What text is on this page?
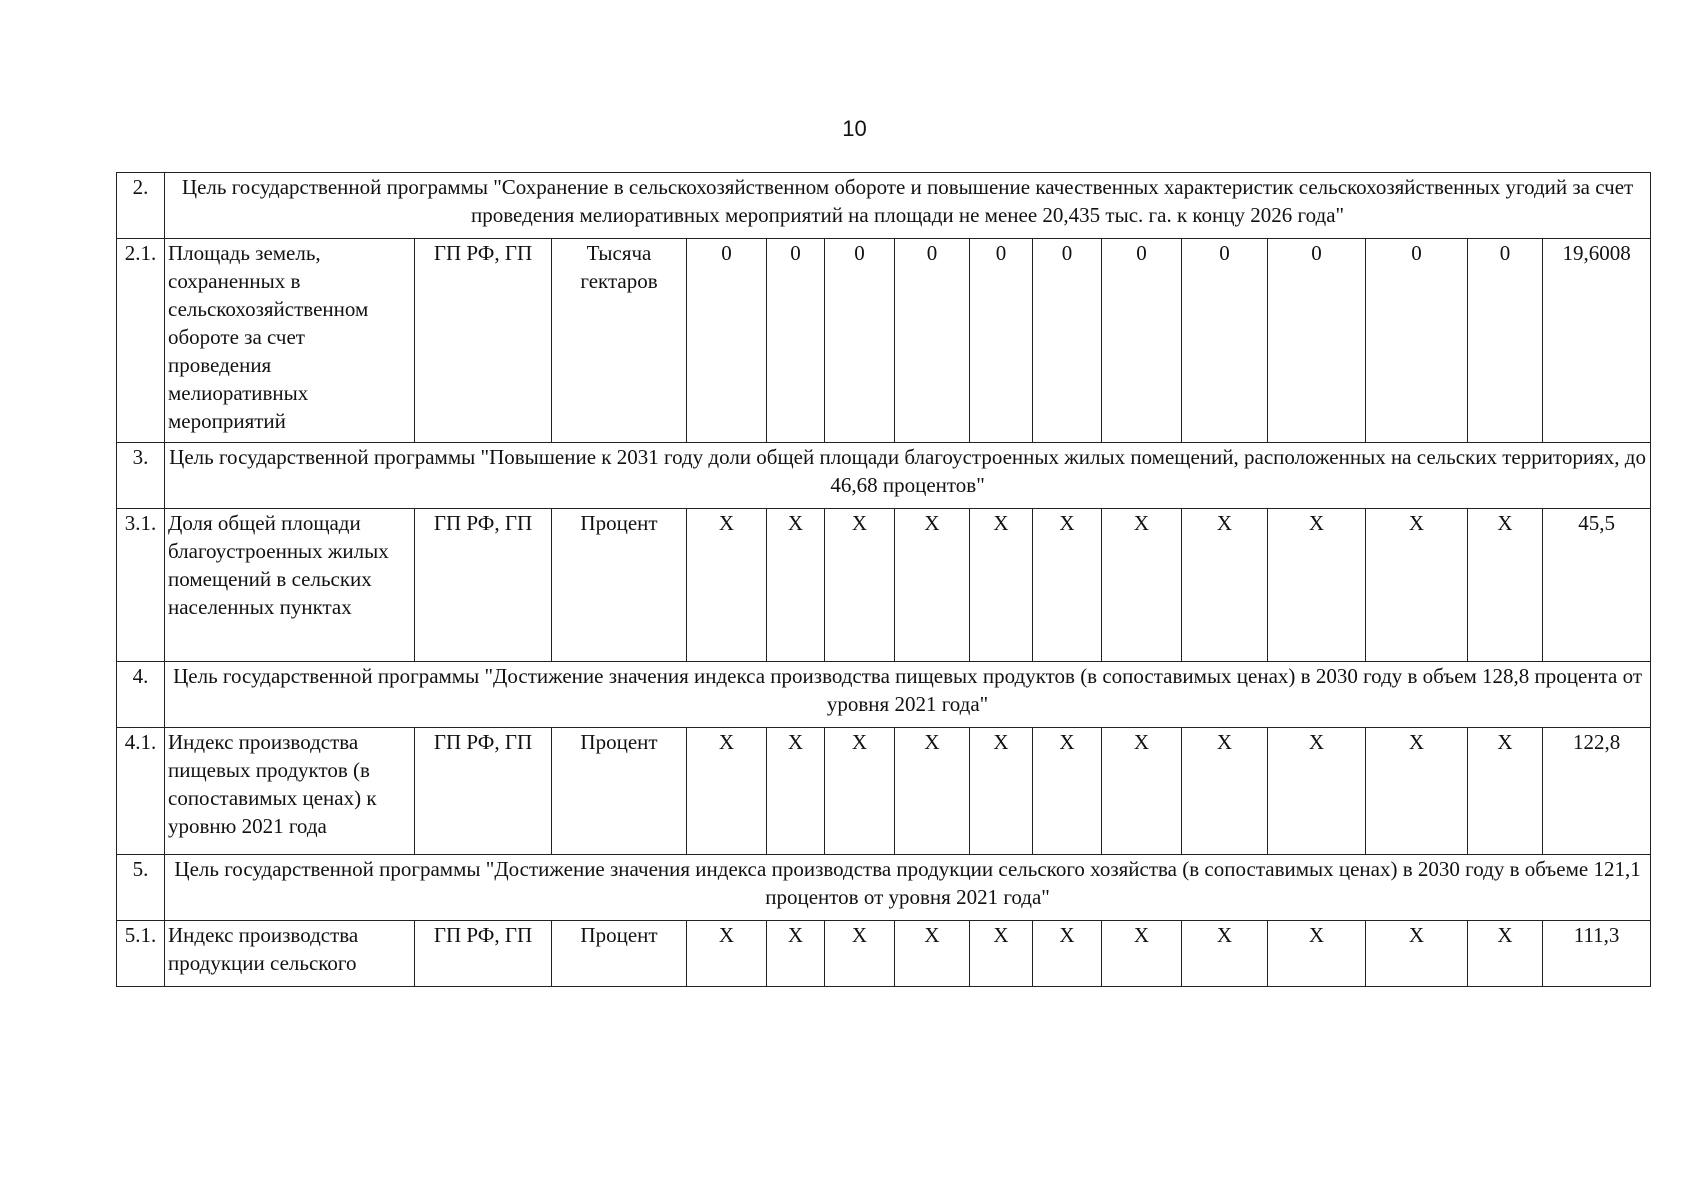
10
2.	Цель государственной программы "Сохранение в сельскохозяйственном обороте и повышение качественных характеристик сельскохозяйственных угодий за счет проведения мелиоративных мероприятий на площади не менее 20,435 тыс. га. к концу 2026 года"														
2.1.	Площадь земель, сохраненных в сельскохозяйственном обороте за счет проведения мелиоративных мероприятий	ГП РФ, ГП	Тысяча гектаров	0	0	0	0	0	0	0	0	0	0	0	19,6008
3.	Цель государственной программы "Повышение к 2031 году доли общей площади благоустроенных жилых помещений, расположенных на сельских территориях, до 46,68 процентов"														
3.1.	Доля общей площади благоустроенных жилых помещений в сельских населенных пунктах	ГП РФ, ГП	Процент	Х	Х	Х	Х	Х	Х	Х	Х	Х	Х	Х	45,5
4.	Цель государственной программы "Достижение значения индекса производства пищевых продуктов (в сопоставимых ценах) в 2030 году в объем 128,8 процента от уровня 2021 года"														
4.1.	Индекс производства пищевых продуктов (в сопоставимых ценах) к уровню 2021 года	ГП РФ, ГП	Процент	Х	Х	Х	Х	Х	Х	Х	Х	Х	Х	Х	122,8
5.	Цель государственной программы "Достижение значения индекса производства продукции сельского хозяйства (в сопоставимых ценах) в 2030 году в объеме 121,1 процентов от уровня 2021 года"														
5.1.	Индекс производства продукции сельского	ГП РФ, ГП	Процент	Х	Х	Х	Х	Х	Х	Х	Х	Х	Х	Х	111,3
